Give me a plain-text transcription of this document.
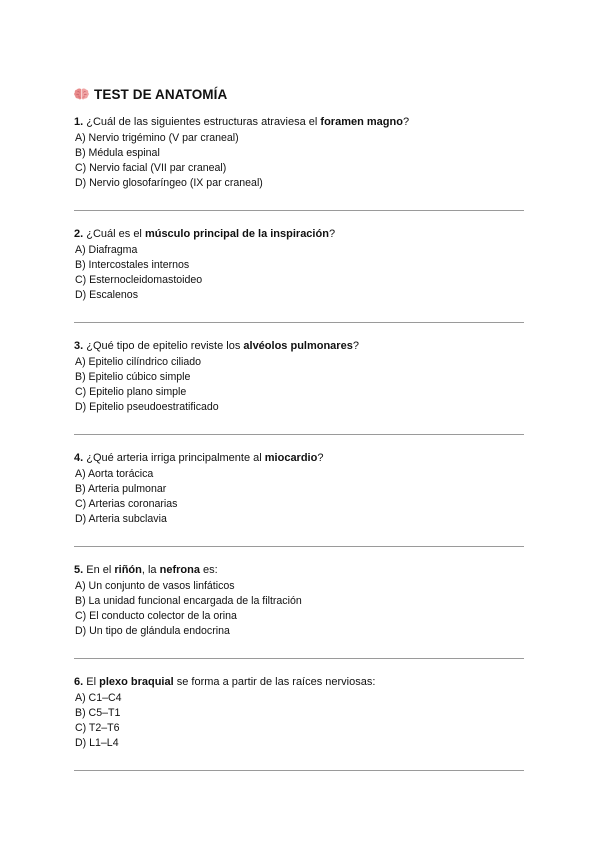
TEST DE ANATOMÍA

1. ¿Cuál de las siguientes estructuras atraviesa el foramen magno?

A) Nervio trigémino (V par craneal)
B) Médula espinal
C) Nervio facial (VII par craneal)
D) Nervio glosofaríngeo (IX par craneal)

2. ¿Cuál es el músculo principal de la inspiración?

A) Diafragma
B) Intercostales internos
C) Esternocleidomastoideo
D) Escalenos

3. ¿Qué tipo de epitelio reviste los alvéolos pulmonares?

A) Epitelio cilíndrico ciliado
B) Epitelio cúbico simple
C) Epitelio plano simple
D) Epitelio pseudoestratificado

4. ¿Qué arteria irriga principalmente al miocardio?

A) Aorta torácica
B) Arteria pulmonar
C) Arterias coronarias
D) Arteria subclavia

5. En el riñón, la nefrona es:

A) Un conjunto de vasos linfáticos
B) La unidad funcional encargada de la filtración
C) El conducto colector de la orina
D) Un tipo de glándula endocrina

6. El plexo braquial se forma a partir de las raíces nerviosas:

A) C1–C4
B) C5–T1
C) T2–T6
D) L1–L4
